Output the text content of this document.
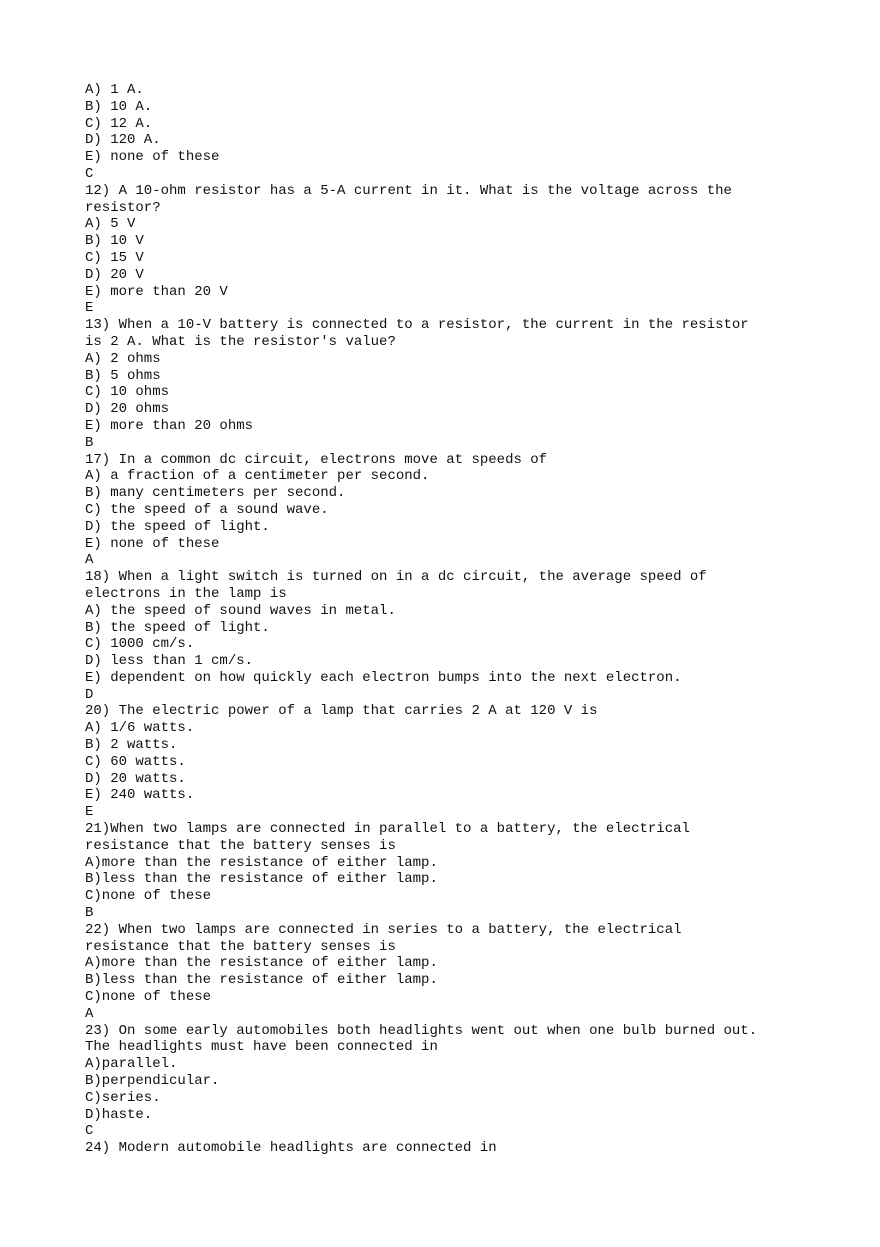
A) 1 A.
B) 10 A.
C) 12 A.
D) 120 A.
E) none of these
C
12) A 10-ohm resistor has a 5-A current in it. What is the voltage across the
resistor?
A) 5 V
B) 10 V
C) 15 V
D) 20 V
E) more than 20 V
E
13) When a 10-V battery is connected to a resistor, the current in the resistor
is 2 A. What is the resistor's value?
A) 2 ohms
B) 5 ohms
C) 10 ohms
D) 20 ohms
E) more than 20 ohms
B
17) In a common dc circuit, electrons move at speeds of
A) a fraction of a centimeter per second.
B) many centimeters per second.
C) the speed of a sound wave.
D) the speed of light.
E) none of these
A
18) When a light switch is turned on in a dc circuit, the average speed of
electrons in the lamp is
A) the speed of sound waves in metal.
B) the speed of light.
C) 1000 cm/s.
D) less than 1 cm/s.
E) dependent on how quickly each electron bumps into the next electron.
D
20) The electric power of a lamp that carries 2 A at 120 V is
A) 1/6 watts.
B) 2 watts.
C) 60 watts.
D) 20 watts.
E) 240 watts.
E
21)When two lamps are connected in parallel to a battery, the electrical
resistance that the battery senses is
A)more than the resistance of either lamp.
B)less than the resistance of either lamp.
C)none of these
B
22) When two lamps are connected in series to a battery, the electrical
resistance that the battery senses is
A)more than the resistance of either lamp.
B)less than the resistance of either lamp.
C)none of these
A
23) On some early automobiles both headlights went out when one bulb burned out.
The headlights must have been connected in
A)parallel.
B)perpendicular.
C)series.
D)haste.
C
24) Modern automobile headlights are connected in
